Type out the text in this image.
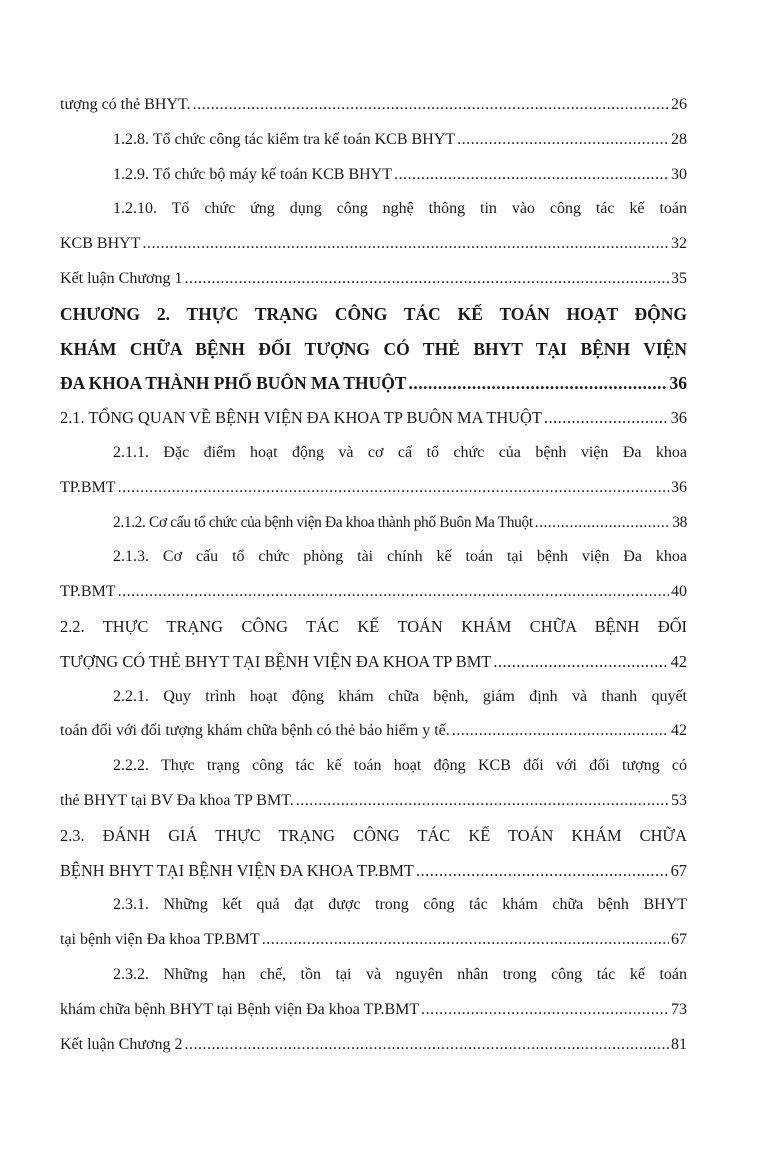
tượng có thẻ BHYT. .....	26
1.2.8. Tổ chức công tác kiểm tra kế toán KCB BHYT .....	28
1.2.9. Tổ chức bộ máy kế toán KCB BHYT .....	30
1.2.10. Tổ chức ứng dụng công nghệ thông tin vào công tác kế toán
KCB BHYT .....	32
Kết luận Chương 1 .....	35
CHƯƠNG 2. THỰC TRẠNG CÔNG TÁC KẾ TOÁN HOẠT ĐỘNG
KHÁM CHỮA BỆNH ĐỐI TƯỢNG CÓ THẺ BHYT TẠI BỆNH VIỆN
ĐA KHOA THÀNH PHỐ BUÔN MA THUỘT .....	36
2.1. TỔNG QUAN VỀ BỆNH VIỆN ĐA KHOA TP BUÔN MA THUỘT .....	36
2.1.1. Đặc điểm hoạt động và cơ cấ tổ chức của bệnh viện Đa khoa
TP.BMT .....	36
2.1.2. Cơ cấu tổ chức của bệnh viện Đa khoa thành phố Buôn Ma Thuột .....	38
2.1.3. Cơ cấu tổ chức phòng tài chính kế toán tại bệnh viện Đa khoa
TP.BMT .....	40
2.2. THỰC TRẠNG CÔNG TÁC KẾ TOÁN KHÁM CHỮA BỆNH ĐỐI
TƯỢNG CÓ THẺ BHYT TẠI BỆNH VIỆN ĐA KHOA TP BMT .....	42
2.2.1. Quy trình hoạt động khám chữa bệnh, giám định và thanh quyết
toán đối với đối tượng khám chữa bệnh có thẻ bảo hiểm y tế. .....	42
2.2.2. Thực trạng công tác kế toán hoạt động KCB đối với đối tượng có
thẻ BHYT tại BV Đa khoa TP BMT. .....	53
2.3. ĐÁNH GIÁ THỰC TRẠNG CÔNG TÁC KẾ TOÁN KHÁM CHỮA
BỆNH BHYT TẠI BỆNH VIỆN ĐA KHOA TP.BMT .....	67
2.3.1. Những kết quả đạt được trong công tác khám chữa bệnh BHYT
tại bệnh viện Đa khoa TP.BMT .....	67
2.3.2. Những hạn chế, tồn tại và nguyên nhân trong công tác kế toán
khám chữa bệnh BHYT tại Bệnh viện Đa khoa TP.BMT .....	73
Kết luận Chương 2 .....	81
